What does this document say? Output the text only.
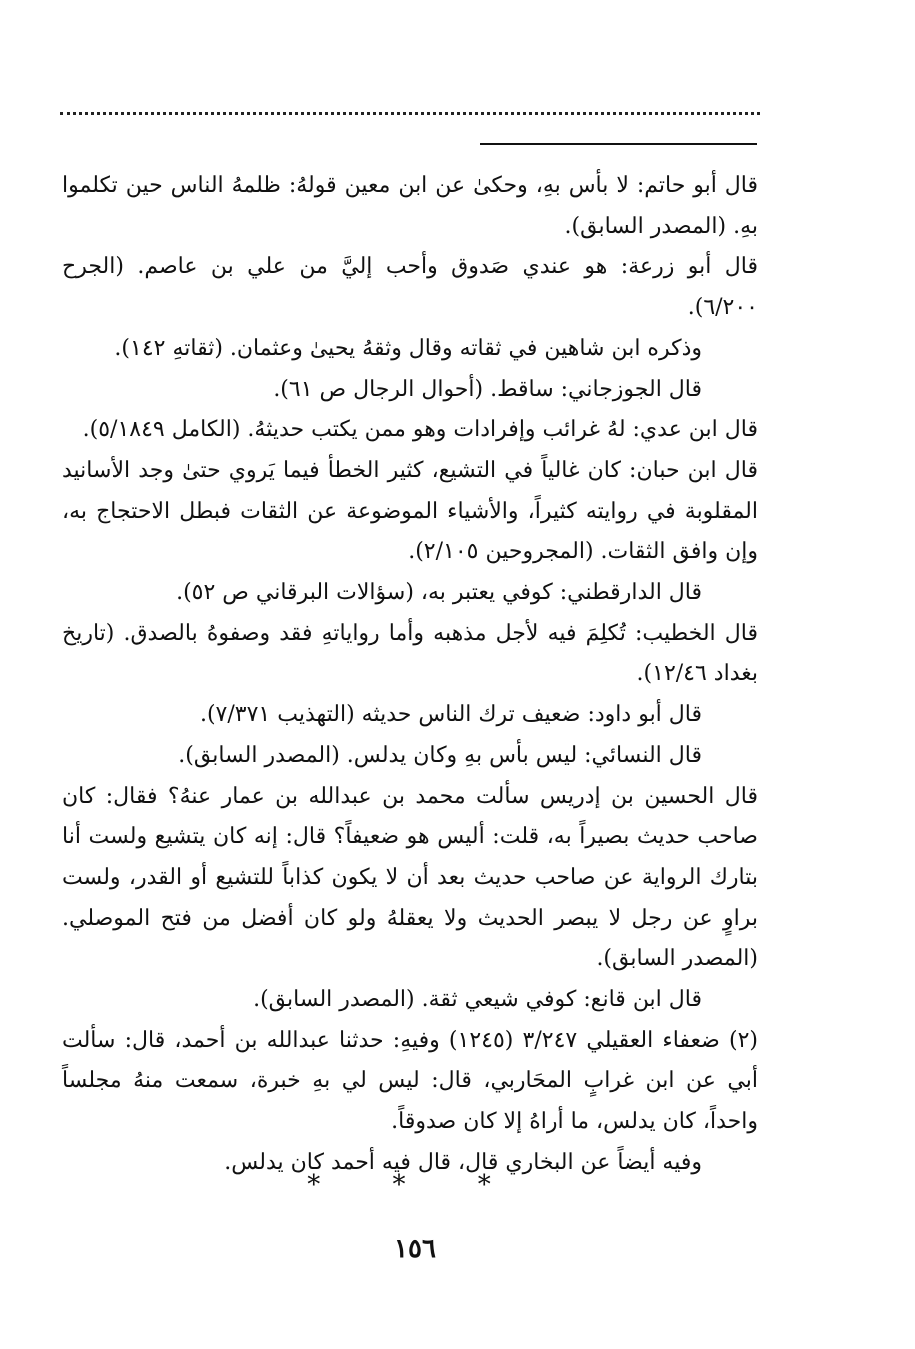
قال أبو حاتم: لا بأس بهِ، وحكىٰ عن ابن معين قولهُ: ظلمهُ الناس حين تكلموا بهِ. (المصدر السابق).

قال أبو زرعة: هو عندي صَدوق وأحب إليَّ من علي بن عاصم. (الجرح ٦/٢٠٠).

وذكره ابن شاهين في ثقاته وقال وثقهُ يحيىٰ وعثمان. (ثقاتهِ ١٤٢).

قال الجوزجاني: ساقط. (أحوال الرجال ص ٦١).

قال ابن عدي: لهُ غرائب وإفرادات وهو ممن يكتب حديثهُ. (الكامل ٥/١٨٤٩).

قال ابن حبان: كان غالياً في التشيع، كثير الخطأ فيما يَروي حتىٰ وجد الأسانيد المقلوبة في روايته كثيراً، والأشياء الموضوعة عن الثقات فبطل الاحتجاج به، وإن وافق الثقات. (المجروحين ٢/١٠٥).

قال الدارقطني: كوفي يعتبر به، (سؤالات البرقاني ص ٥٢).

قال الخطيب: تُكلِمَ فيه لأجل مذهبه وأما رواياتهِ فقد وصفوهُ بالصدق. (تاريخ بغداد ١٢/٤٦).

قال أبو داود: ضعيف ترك الناس حديثه (التهذيب ٧/٣٧١).

قال النسائي: ليس بأس بهِ وكان يدلس. (المصدر السابق).

قال الحسين بن إدريس سألت محمد بن عبدالله بن عمار عنهُ؟ فقال: كان صاحب حديث بصيراً به، قلت: أليس هو ضعيفاً؟ قال: إنه كان يتشيع ولست أنا بتارك الرواية عن صاحب حديث بعد أن لا يكون كذاباً للتشيع أو القدر، ولست براوٍ عن رجل لا يبصر الحديث ولا يعقلهُ ولو كان أفضل من فتح الموصلي. (المصدر السابق).

قال ابن قانع: كوفي شيعي ثقة. (المصدر السابق).

(٢) ضعفاء العقيلي ٣/٢٤٧ (١٢٤٥) وفيهِ: حدثنا عبدالله بن أحمد، قال: سألت أبي عن ابن غرابٍ المحَاربي، قال: ليس لي بهِ خبرة، سمعت منهُ مجلساً واحداً، كان يدلس، ما أراهُ إلا كان صدوقاً.

وفيه أيضاً عن البخاري قال، قال فيه أحمد كان يدلس.

* * *
١٥٦
